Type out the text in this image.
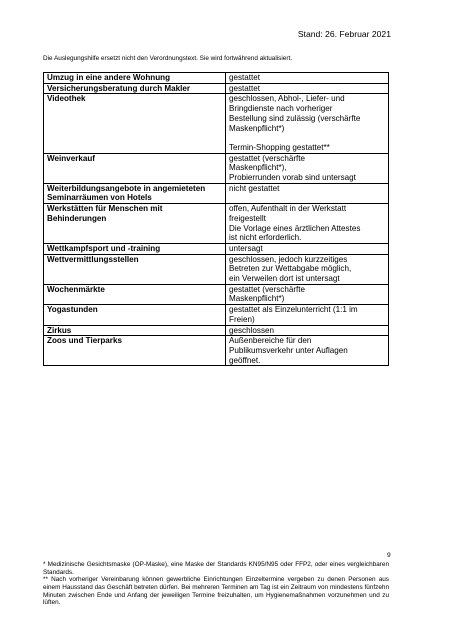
Stand: 26. Februar 2021
Die Auslegungshilfe ersetzt nicht den Verordnungstext. Sie wird fortwährend aktualisiert.
Umzug in eine andere Wohnung	gestattet
Versicherungsberatung durch Makler	gestattet
Videothek	geschlossen, Abhol-, Liefer- und
Bringdienste nach vorheriger
Bestellung sind zulässig (verschärfte
Maskenpflicht*)

Termin-Shopping gestattet**
Weinverkauf	gestattet (verschärfte
Maskenpflicht*),
Probierrunden vorab sind untersagt
Weiterbildungsangebote in angemieteten Seminarräumen von Hotels	nicht gestattet
Werkstätten für Menschen mit Behinderungen	offen, Aufenthalt in der Werkstatt
freigestellt
Die Vorlage eines ärztlichen Attestes
ist nicht erforderlich.
Wettkampfsport und -training	untersagt
Wettvermittlungsstellen	geschlossen, jedoch kurzzeitiges
Betreten zur Wettabgabe möglich,
ein Verweilen dort ist untersagt
Wochenmärkte	gestattet (verschärfte
Maskenpflicht*)
Yogastunden	gestattet als Einzelunterricht (1:1 im
Freien)
Zirkus	geschlossen
Zoos und Tierparks	Außenbereiche für den
Publikumsverkehr unter Auflagen
geöffnet.
9

* Medizinische Gesichtsmaske (OP-Maske), eine Maske der Standards KN95/N95 oder FFP2, oder eines vergleichbaren Standards.

** Nach vorheriger Vereinbarung können gewerbliche Einrichtungen Einzeltermine vergeben zu denen Personen aus einem Hausstand das Geschäft betreten dürfen. Bei mehreren Terminen am Tag ist ein Zeitraum von mindestens fünfzehn Minuten zwischen Ende und Anfang der jeweiligen Termine freizuhalten, um Hygienemaßnahmen vorzunehmen und zu lüften.
